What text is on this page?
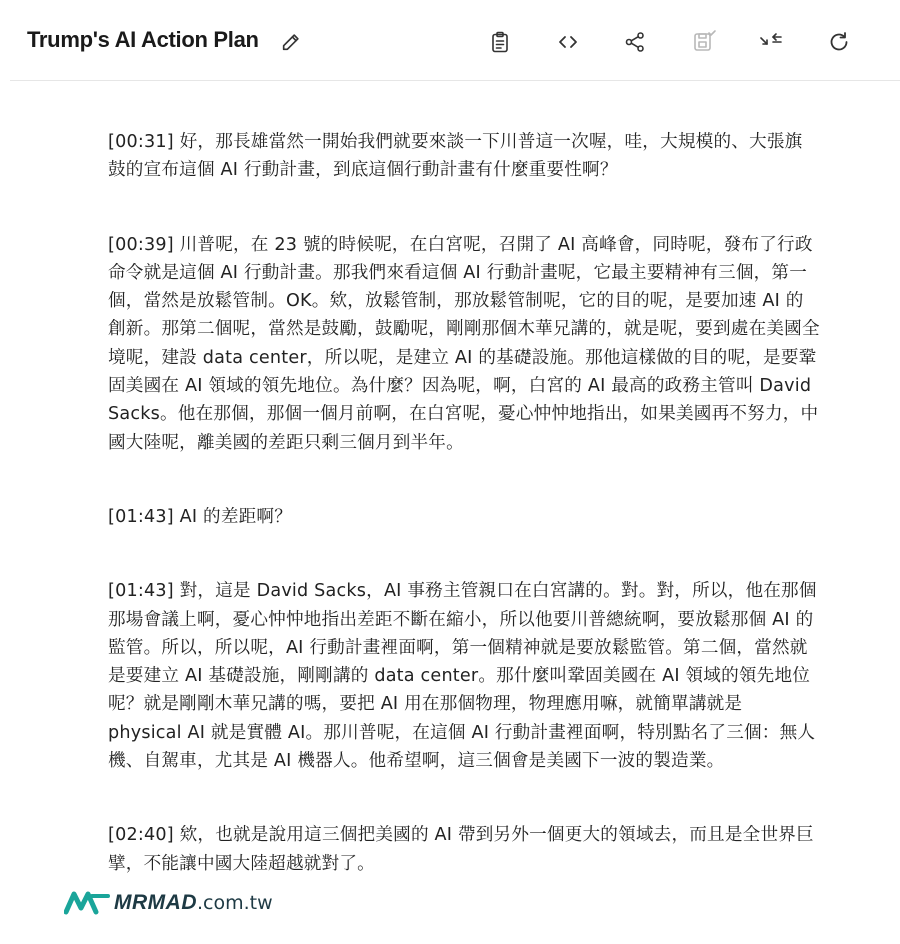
Trump's AI Action Plan

[00:31] 好，那長雄當然一開始我們就要來談一下川普這一次喔，哇，大規模的、大張旗鼓的宣布這個 AI 行動計畫，到底這個行動計畫有什麼重要性啊？

[00:39] 川普呢，在 23 號的時候呢，在白宮呢，召開了 AI 高峰會，同時呢，發布了行政命令就是這個 AI 行動計畫。那我們來看這個 AI 行動計畫呢，它最主要精神有三個，第一個，當然是放鬆管制。OK。欸，放鬆管制，那放鬆管制呢，它的目的呢，是要加速 AI 的創新。那第二個呢，當然是鼓勵，鼓勵呢，剛剛那個木華兄講的，就是呢，要到處在美國全境呢，建設 data center，所以呢，是建立 AI 的基礎設施。那他這樣做的目的呢，是要鞏固美國在 AI 領域的領先地位。為什麼？因為呢，啊，白宮的 AI 最高的政務主管叫 David Sacks。他在那個，那個一個月前啊，在白宮呢，憂心忡忡地指出，如果美國再不努力，中國大陸呢，離美國的差距只剩三個月到半年。

[01:43] AI 的差距啊？

[01:43] 對，這是 David Sacks，AI 事務主管親口在白宮講的。對。對，所以，他在那個那場會議上啊，憂心忡忡地指出差距不斷在縮小，所以他要川普總統啊，要放鬆那個 AI 的監管。所以，所以呢，AI 行動計畫裡面啊，第一個精神就是要放鬆監管。第二個，當然就是要建立 AI 基礎設施，剛剛講的 data center。那什麼叫鞏固美國在 AI 領域的領先地位呢？就是剛剛木華兄講的嗎，要把 AI 用在那個物理，物理應用嘛，就簡單講就是 physical AI 就是實體 AI。那川普呢，在這個 AI 行動計畫裡面啊，特別點名了三個：無人機、自駕車，尤其是 AI 機器人。他希望啊，這三個會是美國下一波的製造業。

[02:40] 欸，也就是說用這三個把美國的 AI 帶到另外一個更大的領域去，而且是全世界巨擘，不能讓中國大陸超越就對了。

MRMAD .com.tw
